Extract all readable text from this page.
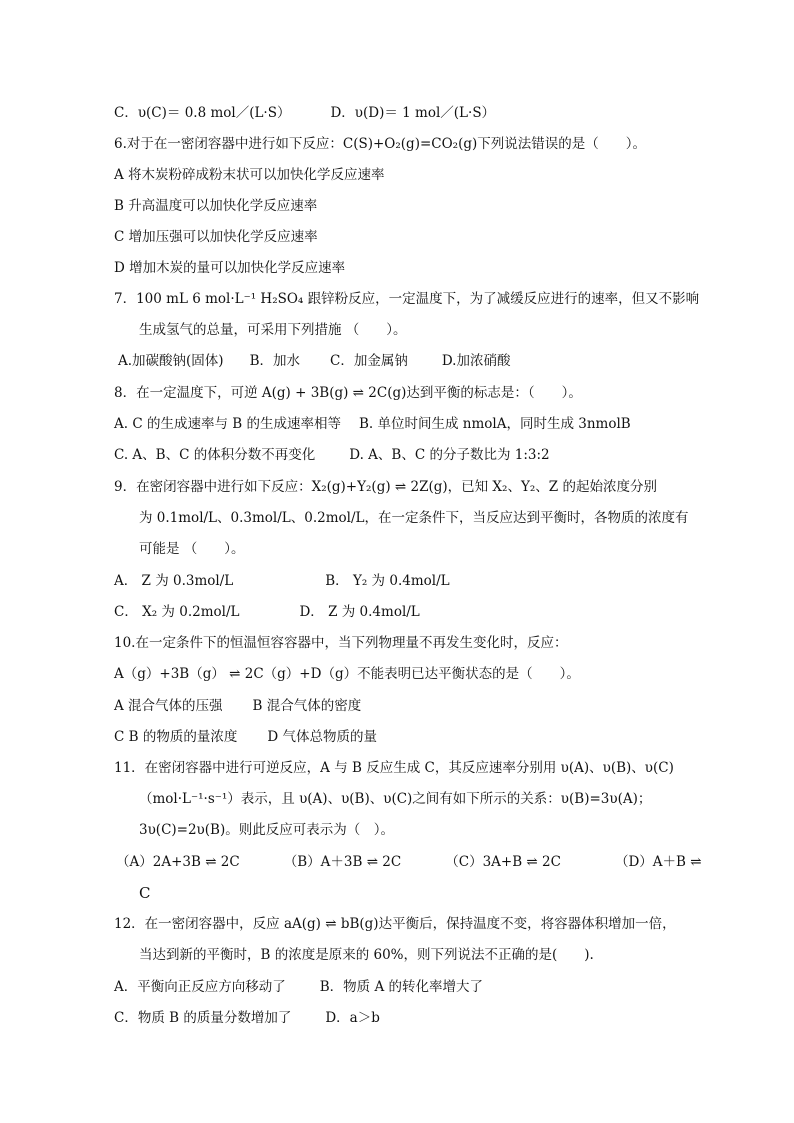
C．υ(C)＝ 0.8 mol／(L·S）	D．υ(D)＝ 1 mol／(L·S）
6.对于在一密闭容器中进行如下反应：C(S)+O₂(g)=CO₂(g)下列说法错误的是（　　）。
A 将木炭粉碎成粉末状可以加快化学反应速率
B 升高温度可以加快化学反应速率
C 增加压强可以加快化学反应速率
D 增加木炭的量可以加快化学反应速率
7．100 mL 6 mol·L⁻¹ H₂SO₄ 跟锌粉反应，一定温度下，为了减缓反应进行的速率，但又不影响
生成氢气的总量，可采用下列措施 （　　）。
A.加碳酸钠(固体) B．加水 C．加金属钠	D.加浓硝酸
8．在一定温度下，可逆 A(g) + 3B(g) ⇌ 2C(g)达到平衡的标志是：（　　）。
A. C 的生成速率与 B 的生成速率相等 B. 单位时间生成 nmolA，同时生成 3nmolB
C. A、B、C 的体积分数不再变化	D. A、B、C 的分子数比为 1:3:2
9．在密闭容器中进行如下反应：X₂(g)+Y₂(g) ⇌ 2Z(g)，已知 X₂、Y₂、Z 的起始浓度分别
为 0.1mol/L、0.3mol/L、0.2mol/L，在一定条件下，当反应达到平衡时，各物质的浓度有
可能是 （　　）。
A． Z 为 0.3mol/L	B． Y₂ 为 0.4mol/L
C． X₂ 为 0.2mol/L	D． Z 为 0.4mol/L
10.在一定条件下的恒温恒容容器中，当下列物理量不再发生变化时，反应：
A（g）+3B（g） ⇌ 2C（g）+D（g）不能表明已达平衡状态的是（　　）。
A 混合气体的压强 B 混合气体的密度
C B 的物质的量浓度 D 气体总物质的量
11．在密闭容器中进行可逆反应，A 与 B 反应生成 C，其反应速率分别用 υ(A)、υ(B)、υ(C)
（mol·L⁻¹·s⁻¹）表示，且 υ(A)、υ(B)、υ(C)之间有如下所示的关系：υ(B)=3υ(A)；
3υ(C)=2υ(B)。则此反应可表示为（　）。
（A）2A+3B ⇌ 2C	（B）A＋3B ⇌ 2C	（C）3A+B ⇌ 2C	（D）A＋B ⇌
C
12．在一密闭容器中，反应 aA(g) ⇌ bB(g)达平衡后，保持温度不变，将容器体积增加一倍，
当达到新的平衡时，B 的浓度是原来的 60%，则下列说法不正确的是(　　).
A．平衡向正反应方向移动了	B．物质 A 的转化率增大了
C．物质 B 的质量分数增加了	D．a＞b
